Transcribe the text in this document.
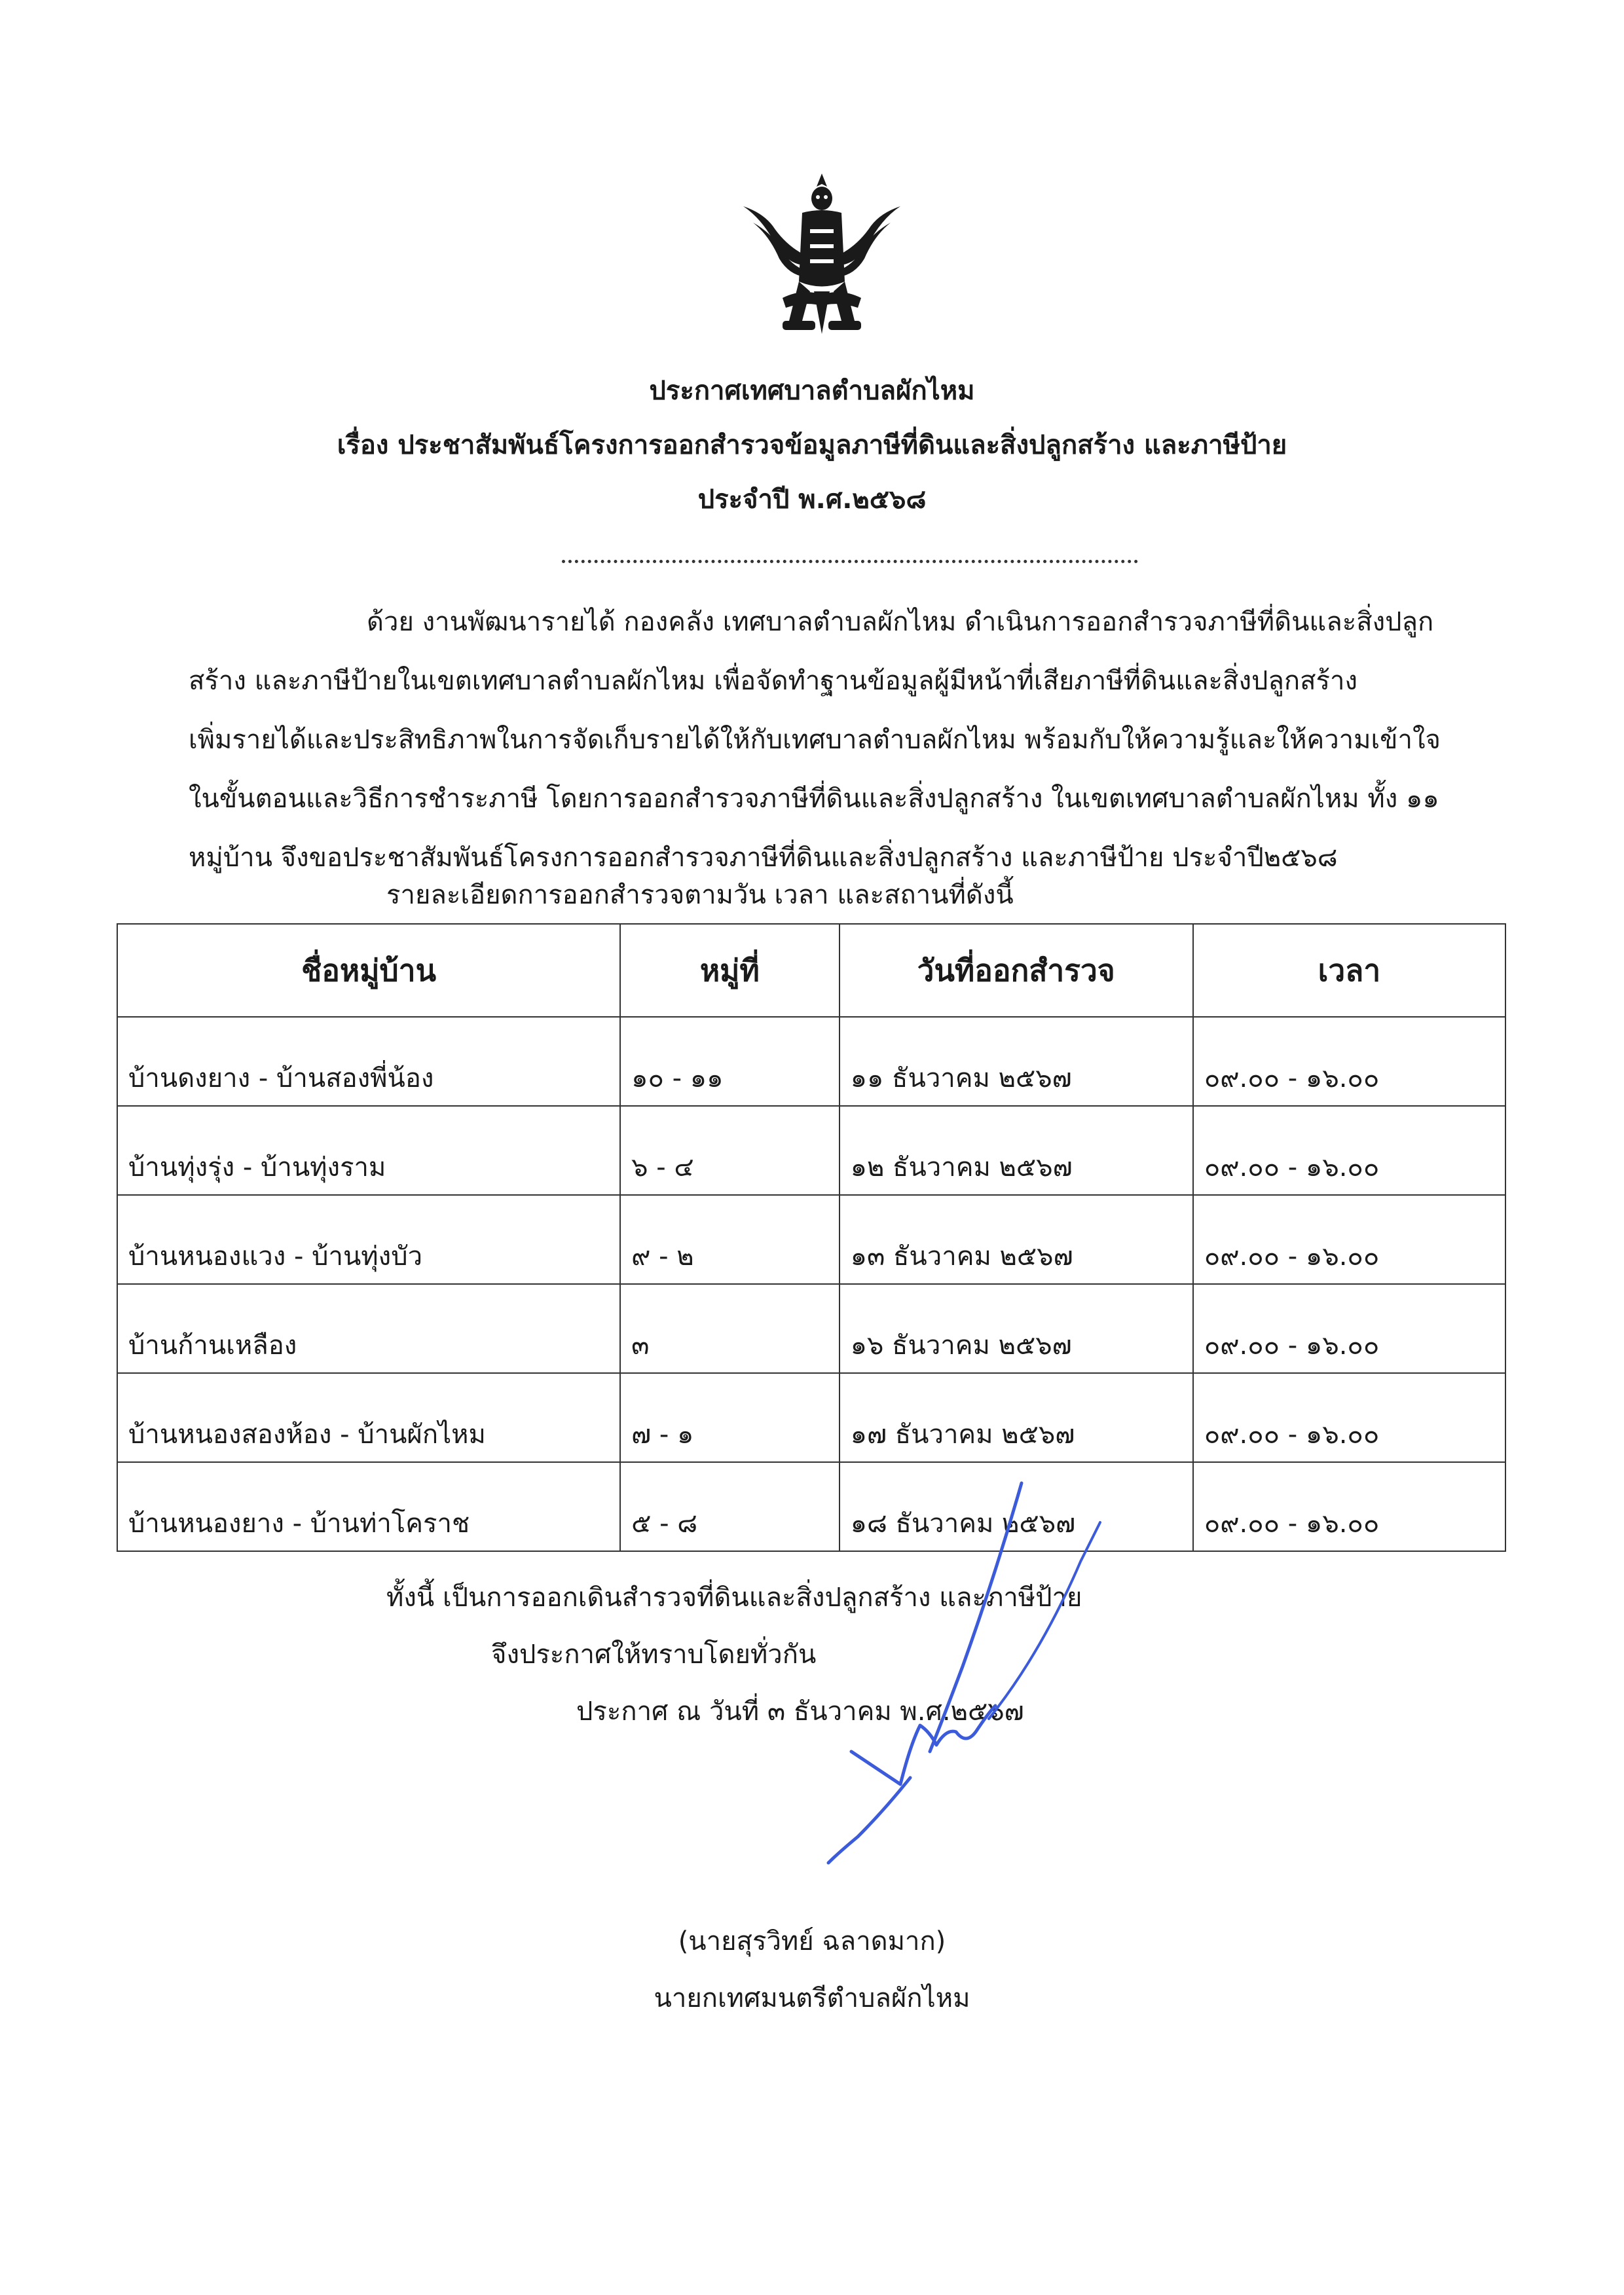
ประกาศเทศบาลตำบลผักไหม
เรื่อง ประชาสัมพันธ์โครงการออกสำรวจข้อมูลภาษีที่ดินและสิ่งปลูกสร้าง และภาษีป้าย
ประจำปี พ.ศ.๒๕๖๘
ด้วย งานพัฒนารายได้ กองคลัง เทศบาลตำบลผักไหม ดำเนินการออกสำรวจภาษีที่ดินและสิ่งปลูก
สร้าง และภาษีป้ายในเขตเทศบาลตำบลผักไหม เพื่อจัดทำฐานข้อมูลผู้มีหน้าที่เสียภาษีที่ดินและสิ่งปลูกสร้าง
เพิ่มรายได้และประสิทธิภาพในการจัดเก็บรายได้ให้กับเทศบาลตำบลผักไหม พร้อมกับให้ความรู้และให้ความเข้าใจ
ในขั้นตอนและวิธีการชำระภาษี โดยการออกสำรวจภาษีที่ดินและสิ่งปลูกสร้าง ในเขตเทศบาลตำบลผักไหม ทั้ง ๑๑
หมู่บ้าน จึงขอประชาสัมพันธ์โครงการออกสำรวจภาษีที่ดินและสิ่งปลูกสร้าง และภาษีป้าย ประจำปี๒๕๖๘
รายละเอียดการออกสำรวจตามวัน เวลา และสถานที่ดังนี้
ชื่อหมู่บ้าน	หมู่ที่	วันที่ออกสำรวจ	เวลา
บ้านดงยาง - บ้านสองพี่น้อง	๑๐ - ๑๑	๑๑ ธันวาคม ๒๕๖๗	๐๙.๐๐ - ๑๖.๐๐
บ้านทุ่งรุ่ง - บ้านทุ่งราม	๖ - ๔	๑๒ ธันวาคม ๒๕๖๗	๐๙.๐๐ - ๑๖.๐๐
บ้านหนองแวง - บ้านทุ่งบัว	๙ - ๒	๑๓ ธันวาคม ๒๕๖๗	๐๙.๐๐ - ๑๖.๐๐
บ้านก้านเหลือง	๓	๑๖ ธันวาคม ๒๕๖๗	๐๙.๐๐ - ๑๖.๐๐
บ้านหนองสองห้อง - บ้านผักไหม	๗ - ๑	๑๗ ธันวาคม ๒๕๖๗	๐๙.๐๐ - ๑๖.๐๐
บ้านหนองยาง - บ้านท่าโคราช	๕ - ๘	๑๘ ธันวาคม ๒๕๖๗	๐๙.๐๐ - ๑๖.๐๐
ทั้งนี้ เป็นการออกเดินสำรวจที่ดินและสิ่งปลูกสร้าง และภาษีป้าย
จึงประกาศให้ทราบโดยทั่วกัน
ประกาศ ณ วันที่ ๓ ธันวาคม พ.ศ.๒๕๖๗
(นายสุรวิทย์ ฉลาดมาก)
นายกเทศมนตรีตำบลผักไหม
